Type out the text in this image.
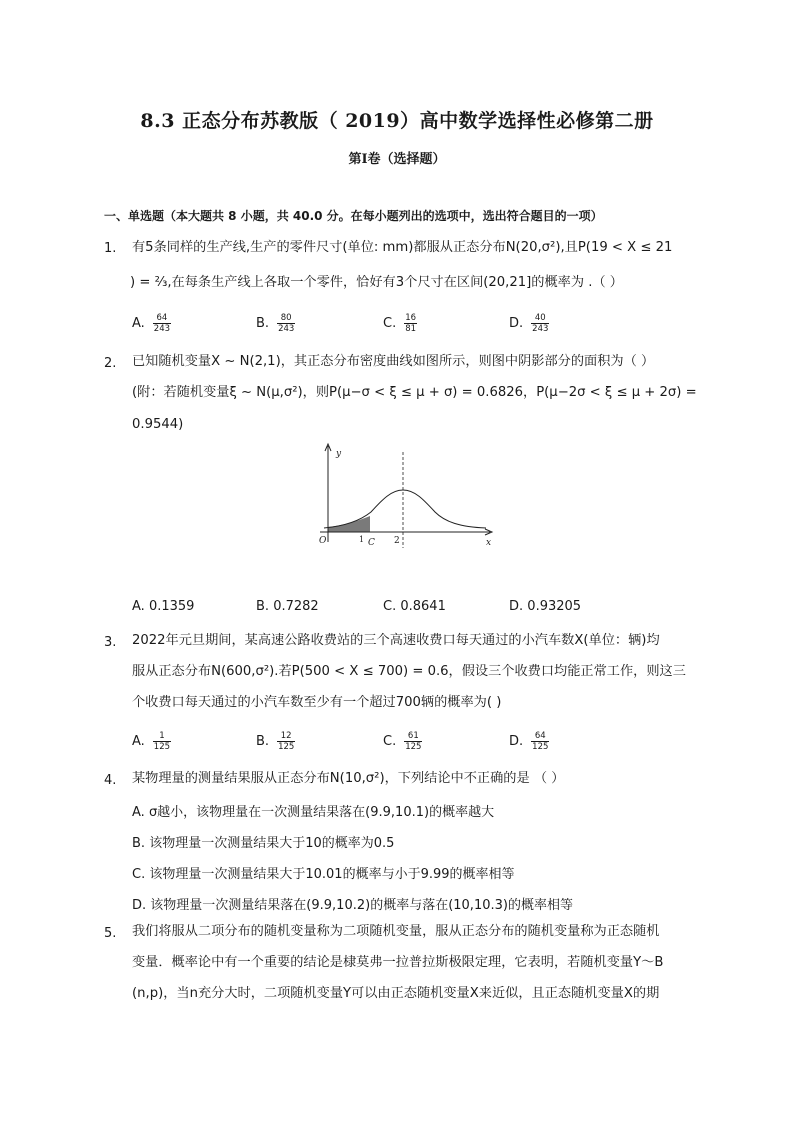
8.3 正态分布苏教版（ 2019）高中数学选择性必修第二册
第I卷（选择题）
一、单选题（本大题共 8 小题，共 40.0 分。在每小题列出的选项中，选出符合题目的一项）
1. 有5条同样的生产线,生产的零件尺寸(单位: mm)都服从正态分布N(20,σ²),且P(19 < X ≤ 21
) = ⅔,在每条生产线上各取一个零件，恰好有3个尺寸在区间(20,21]的概率为 .（ ）
A. $\frac{64}{243}$	B. $\frac{80}{243}$	C. $\frac{16}{81}$	D. $\frac{40}{243}$
2. 已知随机变量X ~ N(2,1)，其正态分布密度曲线如图所示，则图中阴影部分的面积为（ ）
(附：若随机变量ξ ~ N(μ,σ²)，则P(μ−σ < ξ ≤ μ + σ) = 0.6826，P(μ−2σ < ξ ≤ μ + 2σ) =
0.9544)
y
x
O	1 C 2
A. 0.1359	B. 0.7282	C. 0.8641	D. 0.93205
3. 2022年元旦期间，某高速公路收费站的三个高速收费口每天通过的小汽车数X(单位：辆)均
服从正态分布N(600,σ²).若P(500 < X ≤ 700) = 0.6，假设三个收费口均能正常工作，则这三
个收费口每天通过的小汽车数至少有一个超过700辆的概率为( )
A. $\frac{1}{125}$	B. $\frac{12}{125}$	C. $\frac{61}{125}$	D. $\frac{64}{125}$
4. 某物理量的测量结果服从正态分布N(10,σ²)，下列结论中不正确的是 （ ）
A. σ越小，该物理量在一次测量结果落在(9.9,10.1)的概率越大
B. 该物理量一次测量结果大于10的概率为0.5
C. 该物理量一次测量结果大于10.01的概率与小于9.99的概率相等
D. 该物理量一次测量结果落在(9.9,10.2)的概率与落在(10,10.3)的概率相等
5. 我们将服从二项分布的随机变量称为二项随机变量，服从正态分布的随机变量称为正态随机
变量．概率论中有一个重要的结论是棣莫弗一拉普拉斯极限定理，它表明，若随机变量Y～B
(n,p)，当n充分大时，二项随机变量Y可以由正态随机变量X来近似，且正态随机变量X的期
